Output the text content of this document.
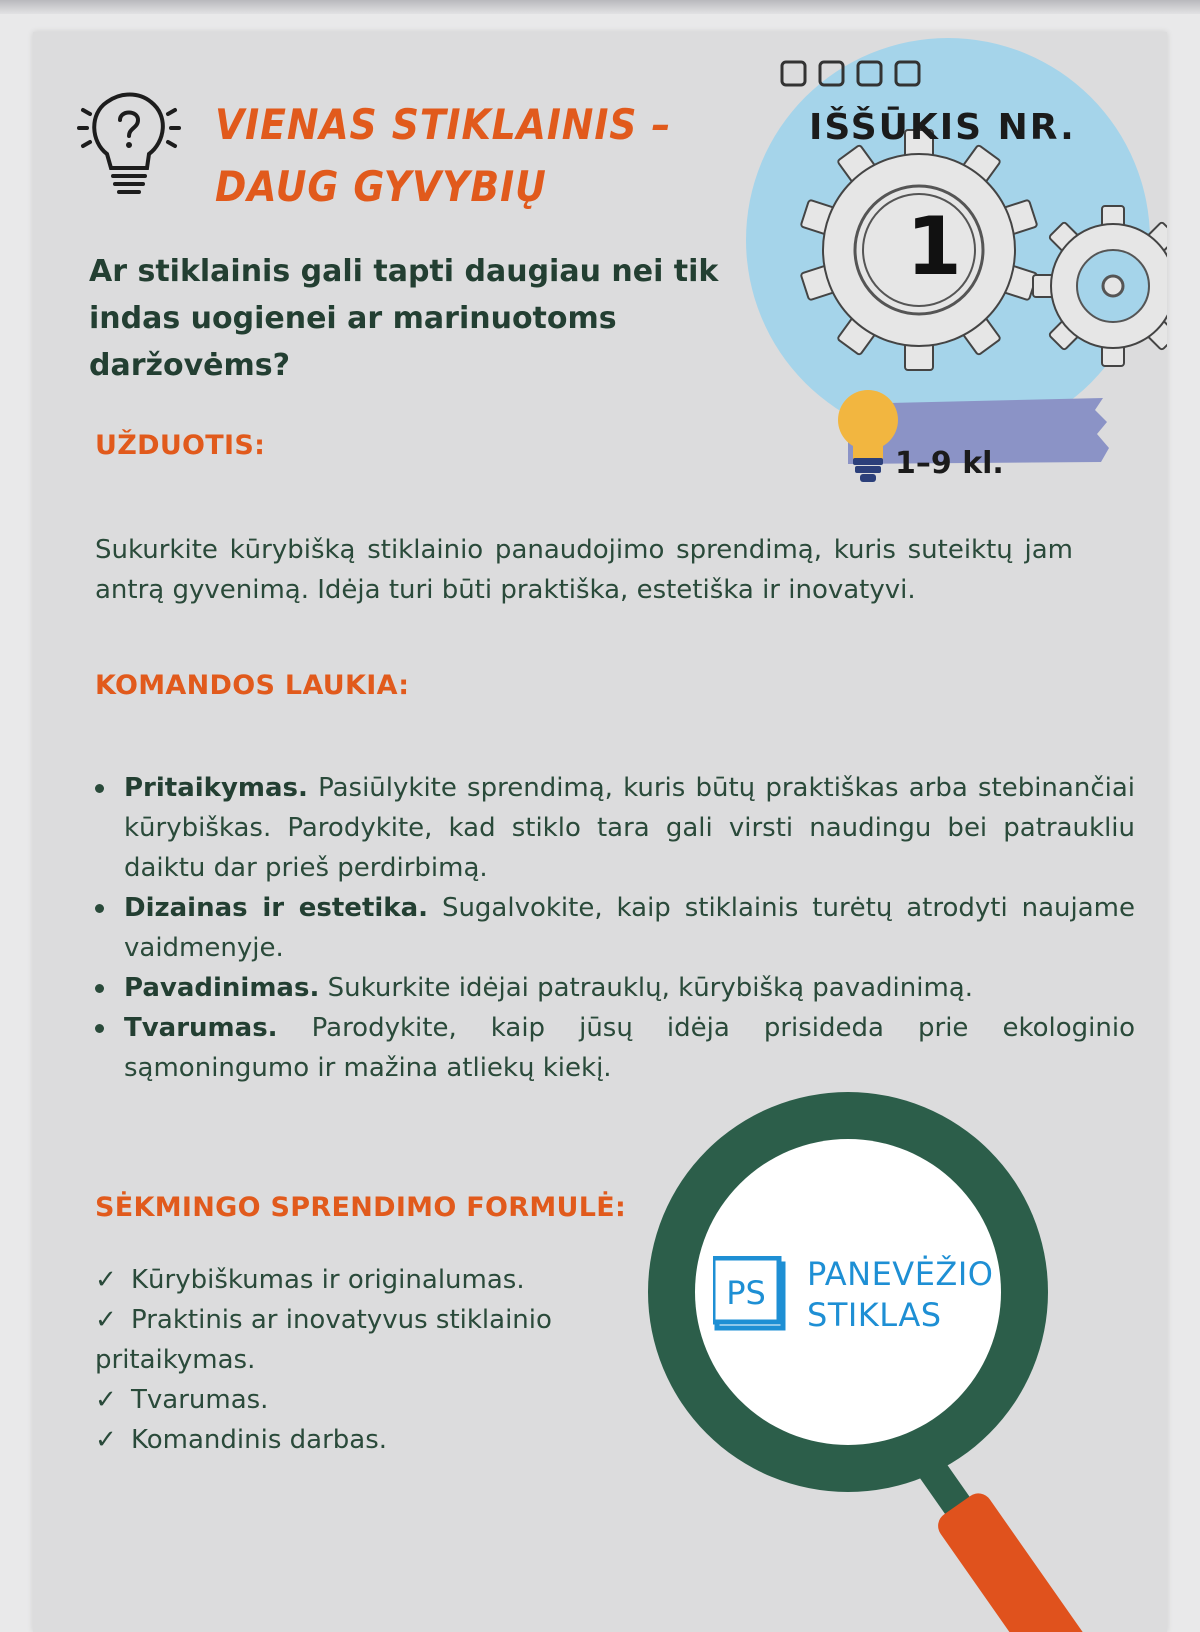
IŠŠŪKIS NR.
1
1–9 kl.
VIENAS STIKLAINIS –
DAUG GYVYBIŲ
Ar stiklainis gali tapti daugiau nei tik indas uogienei ar marinuotoms daržovėms?
UŽDUOTIS:
Sukurkite kūrybišką stiklainio panaudojimo sprendimą, kuris suteiktų jam antrą gyvenimą. Idėja turi būti praktiška, estetiška ir inovatyvi.
KOMANDOS LAUKIA:
Pritaikymas. Pasiūlykite sprendimą, kuris būtų praktiškas arba stebinančiai kūrybiškas. Parodykite, kad stiklo tara gali virsti naudingu bei patraukliu daiktu dar prieš perdirbimą.
Dizainas ir estetika. Sugalvokite, kaip stiklainis turėtų atrodyti naujame vaidmenyje.
Pavadinimas. Sukurkite idėjai patrauklų, kūrybišką pavadinimą.
Tvarumas. Parodykite, kaip jūsų idėja prisideda prie ekologinio sąmoningumo ir mažina atliekų kiekį.
SĖKMINGO SPRENDIMO FORMULĖ:
✓ Kūrybiškumas ir originalumas.
✓ Praktinis ar inovatyvus stiklainio pritaikymas.
✓ Tvarumas.
✓ Komandinis darbas.
PS PANEVĖŽIO
STIKLAS
